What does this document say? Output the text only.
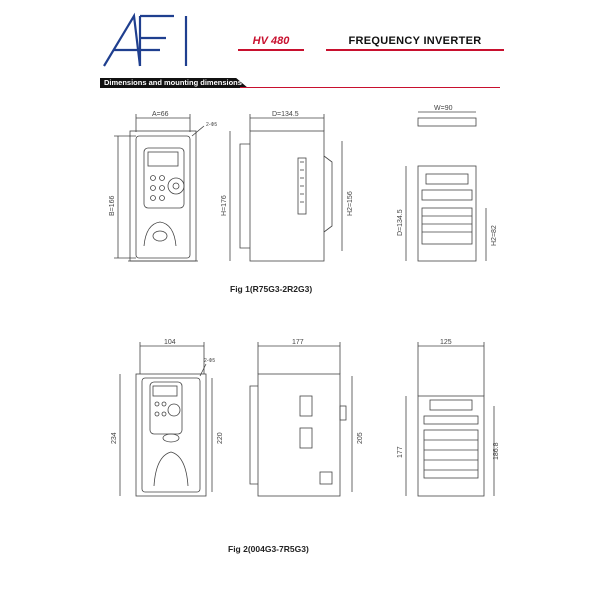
HV 480	FREQUENCY INVERTER
Dimensions and mounting dimensions
A=66
2-Φ5
B=166
D=134.5
H=176	H2=156
W=90
D=134.5	H2=82
Fig 1(R75G3-2R2G3)
104
2-Φ5
234	220
177
205
125
177	186.8
Fig 2(004G3-7R5G3)
